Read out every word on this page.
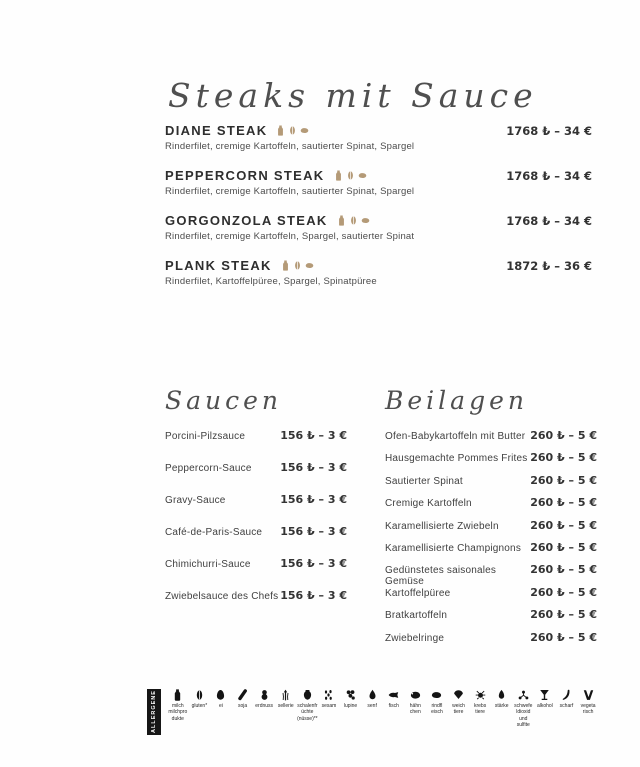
Steaks mit Sauce
DIANE STEAK	1768 ₺ – 34 €
Rinderfilet, cremige Kartoffeln, sautierter Spinat, Spargel
PEPPERCORN STEAK	1768 ₺ – 34 €
Rinderfilet, cremige Kartoffeln, sautierter Spinat, Spargel
GORGONZOLA STEAK	1768 ₺ – 34 €
Rinderfilet, cremige Kartoffeln, Spargel, sautierter Spinat
PLANK STEAK	1872 ₺ – 36 €
Rinderfilet, Kartoffelpüree, Spargel, Spinatpüree
Saucen
Porcini-Pilzsauce	156 ₺ – 3 €
Peppercorn-Sauce	156 ₺ – 3 €
Gravy-Sauce	156 ₺ – 3 €
Café-de-Paris-Sauce 156 ₺ – 3 €
Chimichurri-Sauce	156 ₺ – 3 €
Zwiebelsauce des Chefs 156 ₺ – 3 €
Beilagen
Ofen-Babykartoffeln mit Butter 260 ₺ – 5 €
Hausgemachte Pommes Frites 260 ₺ – 5 €
Sautierter Spinat	260 ₺ – 5 €
Cremige Kartoffeln	260 ₺ – 5 €
Karamellisierte Zwiebeln	260 ₺ – 5 €
Karamellisierte Champignons 260 ₺ – 5 €
Gedünstetes saisonales Gemüse
260 ₺ – 5 €
Kartoffelpüree	260 ₺ – 5 €
Bratkartoffeln	260 ₺ – 5 €
Zwiebelringe	260 ₺ – 5 €
ALLERGENE	milch milchpro dukte
gluten* ei	soja erdnuss sellerie schalenfr üchte (nüsse)**
sesam lupine senf fisch	hähn chen
rindfl eisch
weich tiere
krebs tiere
stärke	schwefe ldioxid und sulfite
alkohol scharf	vegeta risch
